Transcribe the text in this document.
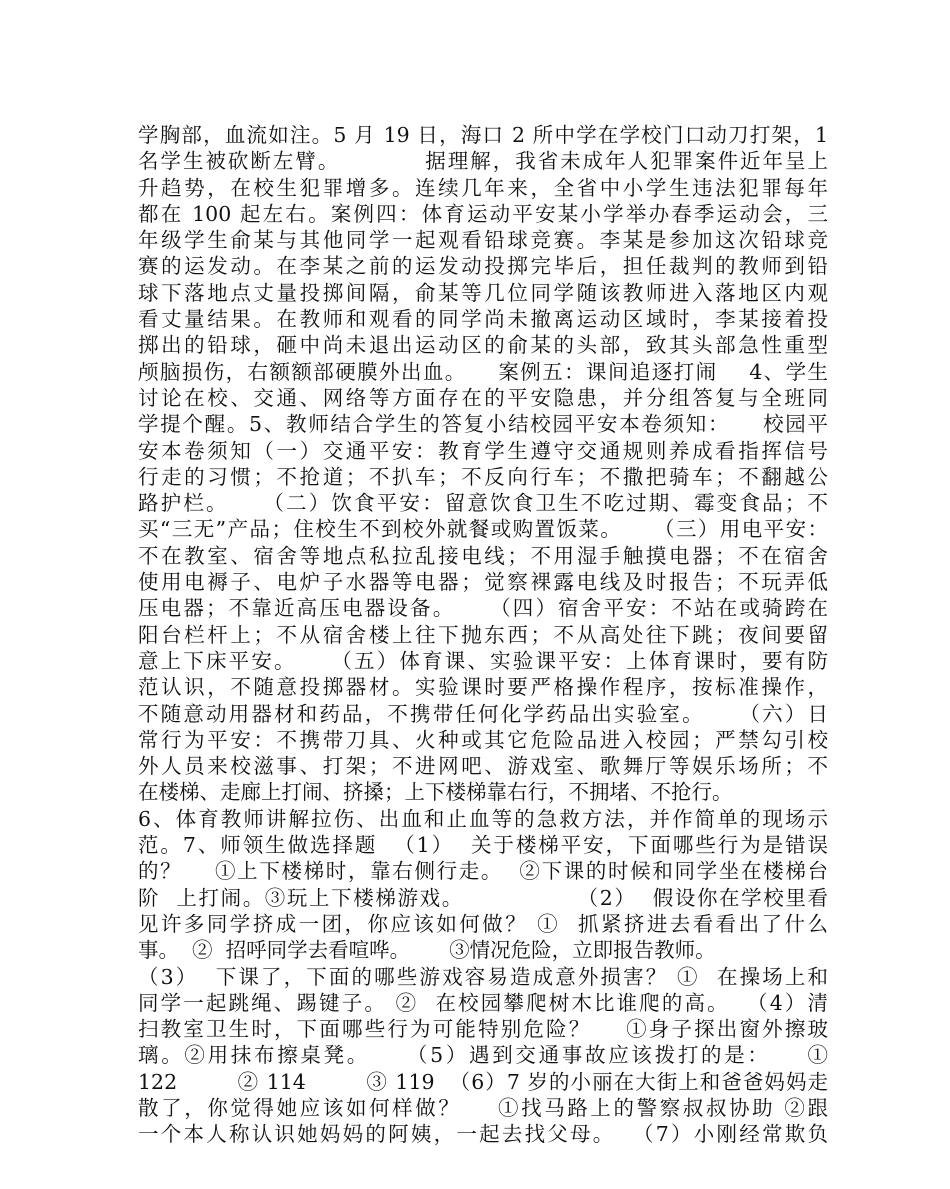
学胸部，血流如注。5 月 19 日，海口 2 所中学在学校门口动刀打架，1
名学生被砍断左臂。          据理解，我省未成年人犯罪案件近年呈上
升趋势，在校生犯罪增多。连续几年来，全省中小学生违法犯罪每年
都在 100 起左右。案例四：体育运动平安某小学举办春季运动会，三
年级学生俞某与其他同学一起观看铅球竞赛。李某是参加这次铅球竞
赛的运发动。在李某之前的运发动投掷完毕后，担任裁判的教师到铅
球下落地点丈量投掷间隔，俞某等几位同学随该教师进入落地区内观
看丈量结果。在教师和观看的同学尚未撤离运动区域时，李某接着投
掷出的铅球，砸中尚未退出运动区的俞某的头部，致其头部急性重型
颅脑损伤，右额额部硬膜外出血。    案例五：课间追逐打闹    4、学生
讨论在校、交通、网络等方面存在的平安隐患，并分组答复与全班同
学提个醒。5、教师结合学生的答复小结校园平安本卷须知：    校园平
安本卷须知（一）交通平安：教育学生遵守交通规则养成看指挥信号
行走的习惯；不抢道；不扒车；不反向行车；不撒把骑车；不翻越公
路护栏。    （二）饮食平安：留意饮食卫生不吃过期、霉变食品；不
买“三无”产品；住校生不到校外就餐或购置饭菜。    （三）用电平安：
不在教室、宿舍等地点私拉乱接电线；不用湿手触摸电器；不在宿舍
使用电褥子、电炉子水器等电器；觉察裸露电线及时报告；不玩弄低
压电器；不靠近高压电器设备。    （四）宿舍平安：不站在或骑跨在
阳台栏杆上；不从宿舍楼上往下抛东西；不从高处往下跳；夜间要留
意上下床平安。    （五）体育课、实验课平安：上体育课时，要有防
范认识，不随意投掷器材。实验课时要严格操作程序，按标准操作，
不随意动用器材和药品，不携带任何化学药品出实验室。    （六）日
常行为平安：不携带刀具、火种或其它危险品进入校园；严禁勾引校
外人员来校滋事、打架；不进网吧、游戏室、歌舞厅等娱乐场所；不
在楼梯、走廊上打闹、挤搡；上下楼梯靠右行，不拥堵、不抢行。
6、体育教师讲解拉伤、出血和止血等的急救方法，并作简单的现场示
范。7、师领生做选择题  （1）  关于楼梯平安，下面哪些行为是错误
的？    ①上下楼梯时，靠右侧行走。  ②下课的时候和同学坐在楼梯台
阶  上打闹。③玩上下楼梯游戏。              （2）  假设你在学校里看
见许多同学挤成一团，你应该如何做？ ①  抓紧挤进去看看出了什么
事。  ②  招呼同学去看喧哗。      ③情况危险，立即报告教师。
（3）  下课了，下面的哪些游戏容易造成意外损害？ ①  在操场上和
同学一起跳绳、踢键子。 ②  在校园攀爬树木比谁爬的高。  （4）清
扫教室卫生时，下面哪些行为可能特别危险？    ①身子探出窗外擦玻
璃。②用抹布擦桌凳。    （5）遇到交通事故应该拨打的是：    ①
122        ② 114        ③ 119  （6）7 岁的小丽在大街上和爸爸妈妈走
散了，你觉得她应该如何样做？    ①找马路上的警察叔叔协助 ②跟
一个本人称认识她妈妈的阿姨，一起去找父母。  （7）小刚经常欺负
